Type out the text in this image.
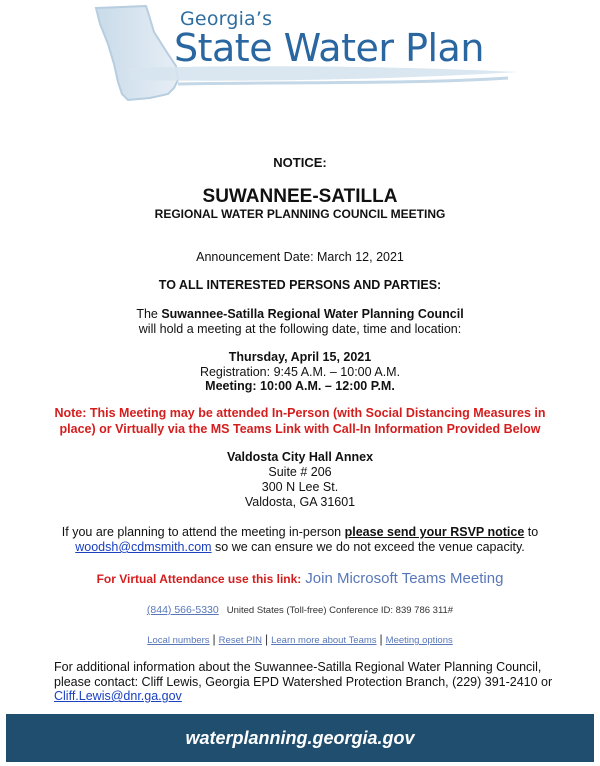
Georgia’s
State Water Plan
NOTICE:
SUWANNEE-SATILLA
REGIONAL WATER PLANNING COUNCIL MEETING
Announcement Date: March 12, 2021
TO ALL INTERESTED PERSONS AND PARTIES:
The Suwannee-Satilla Regional Water Planning Council
will hold a meeting at the following date, time and location:
Thursday, April 15, 2021
Registration: 9:45 A.M. – 10:00 A.M.
Meeting: 10:00 A.M. – 12:00 P.M.
Note: This Meeting may be attended In-Person (with Social Distancing Measures in
place) or Virtually via the MS Teams Link with Call-In Information Provided Below
Valdosta City Hall Annex
Suite # 206
300 N Lee St.
Valdosta, GA 31601
If you are planning to attend the meeting in-person please send your RSVP notice to
woodsh@cdmsmith.com so we can ensure we do not exceed the venue capacity.
For Virtual Attendance use this link: Join Microsoft Teams Meeting
(844) 566-5330 United States (Toll-free) Conference ID: 839 786 311#
Local numbers | Reset PIN | Learn more about Teams | Meeting options
For additional information about the Suwannee-Satilla Regional Water Planning Council,
please contact: Cliff Lewis, Georgia EPD Watershed Protection Branch, (229) 391-2410 or
Cliff.Lewis@dnr.ga.gov
waterplanning.georgia.gov
